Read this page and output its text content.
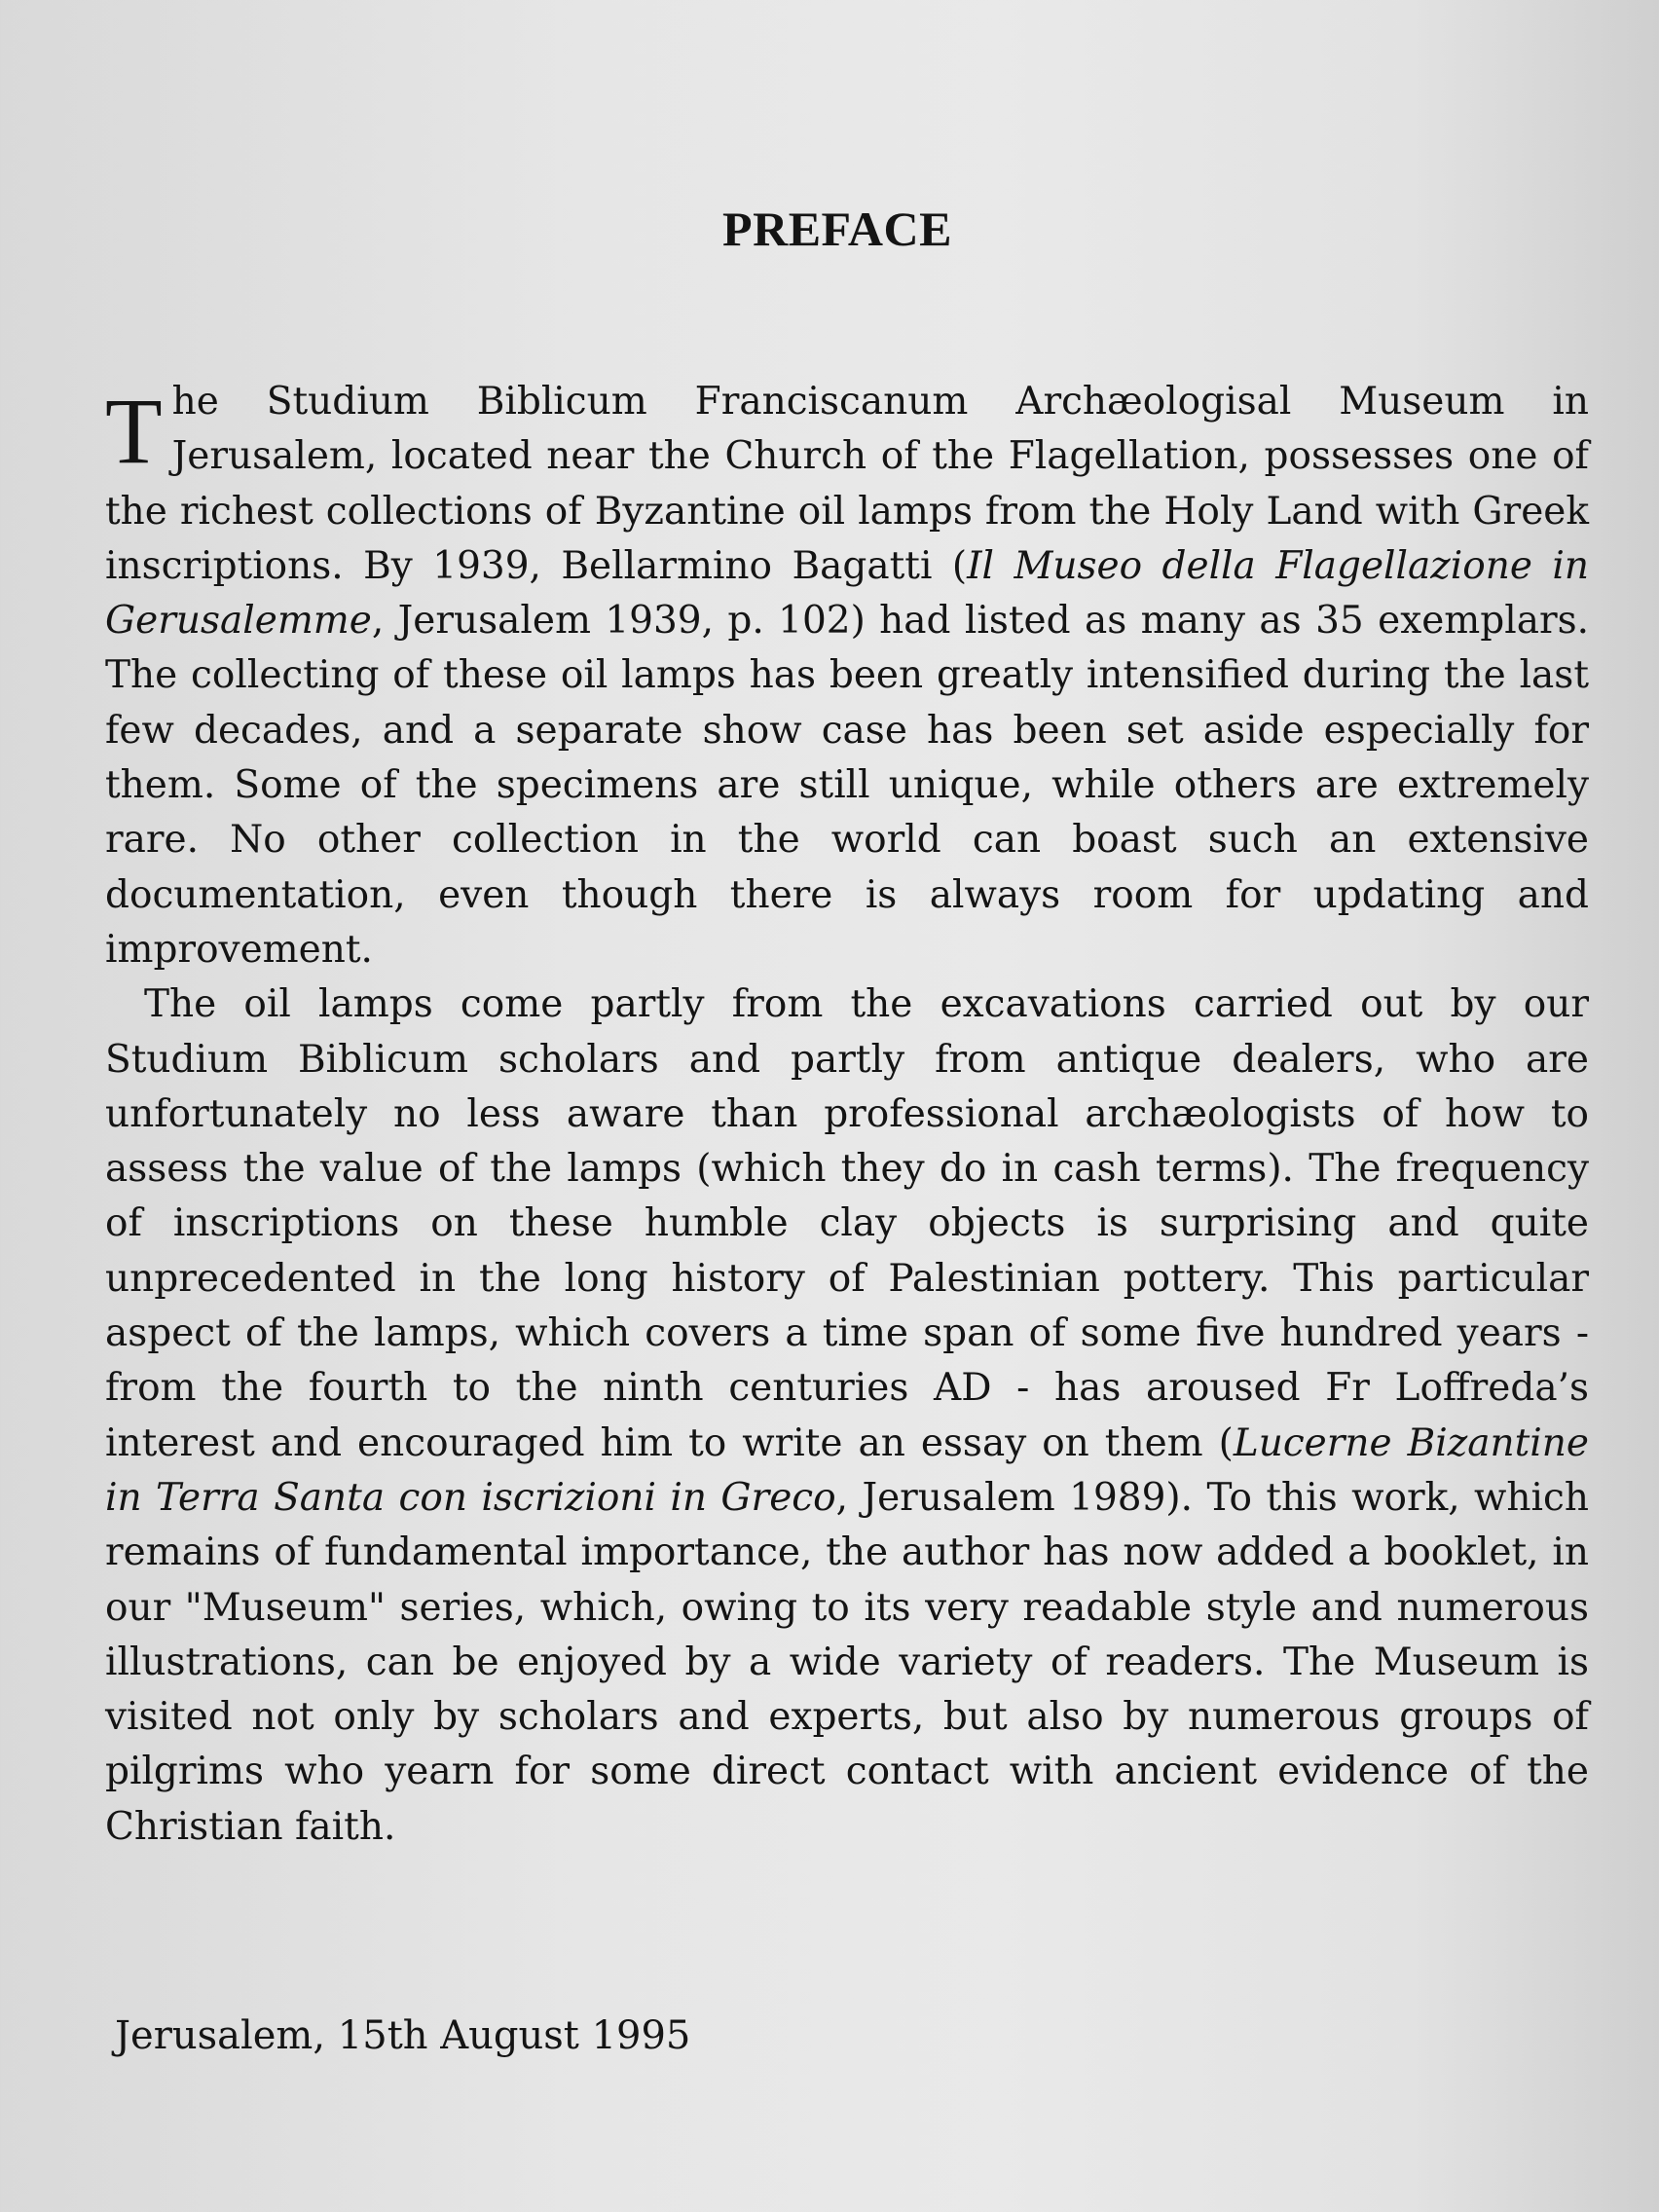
PREFACE

The Studium Biblicum Franciscanum Archæologisal Museum in Jerusalem, located near the Church of the Flagellation, possesses one of the richest collections of Byzantine oil lamps from the Holy Land with Greek inscriptions. By 1939, Bellarmino Bagatti (Il Museo della Flagellazione in Gerusalemme, Jerusalem 1939, p. 102) had listed as many as 35 exemplars. The collecting of these oil lamps has been greatly intensified during the last few decades, and a separate show case has been set aside especially for them. Some of the specimens are still unique, while others are extremely rare. No other collection in the world can boast such an extensive documentation, even though there is always room for updating and improvement.

The oil lamps come partly from the excavations carried out by our Studium Biblicum scholars and partly from antique dealers, who are unfortunately no less aware than professional archæologists of how to assess the value of the lamps (which they do in cash terms). The frequency of inscriptions on these humble clay objects is surprising and quite unprecedented in the long history of Palestinian pottery. This particular aspect of the lamps, which covers a time span of some five hundred years - from the fourth to the ninth centuries AD - has aroused Fr Loffreda’s interest and encouraged him to write an essay on them (Lucerne Bizantine in Terra Santa con iscrizioni in Greco, Jerusalem 1989). To this work, which remains of fundamental importance, the author has now added a booklet, in our "Museum" series, which, owing to its very readable style and numerous illustrations, can be enjoyed by a wide variety of readers. The Museum is visited not only by scholars and experts, but also by numerous groups of pilgrims who yearn for some direct contact with ancient evidence of the Christian faith.

Jerusalem, 15th August 1995
